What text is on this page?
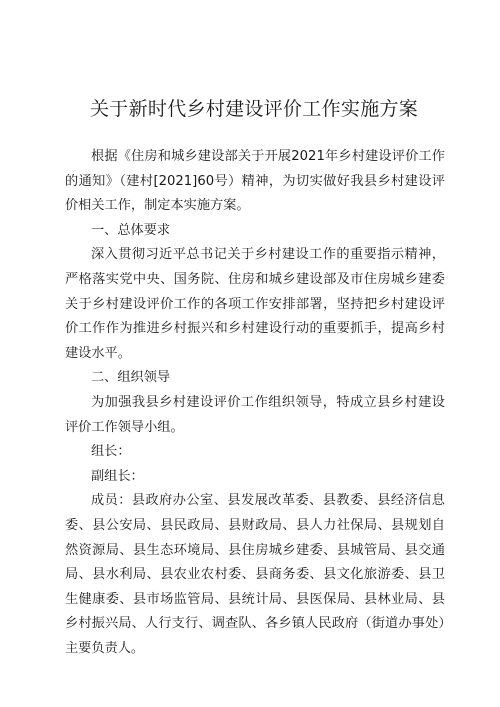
关于新时代乡村建设评价工作实施方案

根据《住房和城乡建设部关于开展2021年乡村建设评价工作的通知》（建村[2021]60号）精神，为切实做好我县乡村建设评价相关工作，制定本实施方案。

一、总体要求

深入贯彻习近平总书记关于乡村建设工作的重要指示精神，严格落实党中央、国务院、住房和城乡建设部及市住房城乡建委关于乡村建设评价工作的各项工作安排部署，坚持把乡村建设评价工作作为推进乡村振兴和乡村建设行动的重要抓手，提高乡村建设水平。

二、组织领导

为加强我县乡村建设评价工作组织领导，特成立县乡村建设评价工作领导小组。

组长：

副组长：

成员：县政府办公室、县发展改革委、县教委、县经济信息委、县公安局、县民政局、县财政局、县人力社保局、县规划自然资源局、县生态环境局、县住房城乡建委、县城管局、县交通局、县水利局、县农业农村委、县商务委、县文化旅游委、县卫生健康委、县市场监管局、县统计局、县医保局、县林业局、县乡村振兴局、人行支行、调查队、各乡镇人民政府（街道办事处）主要负责人。
